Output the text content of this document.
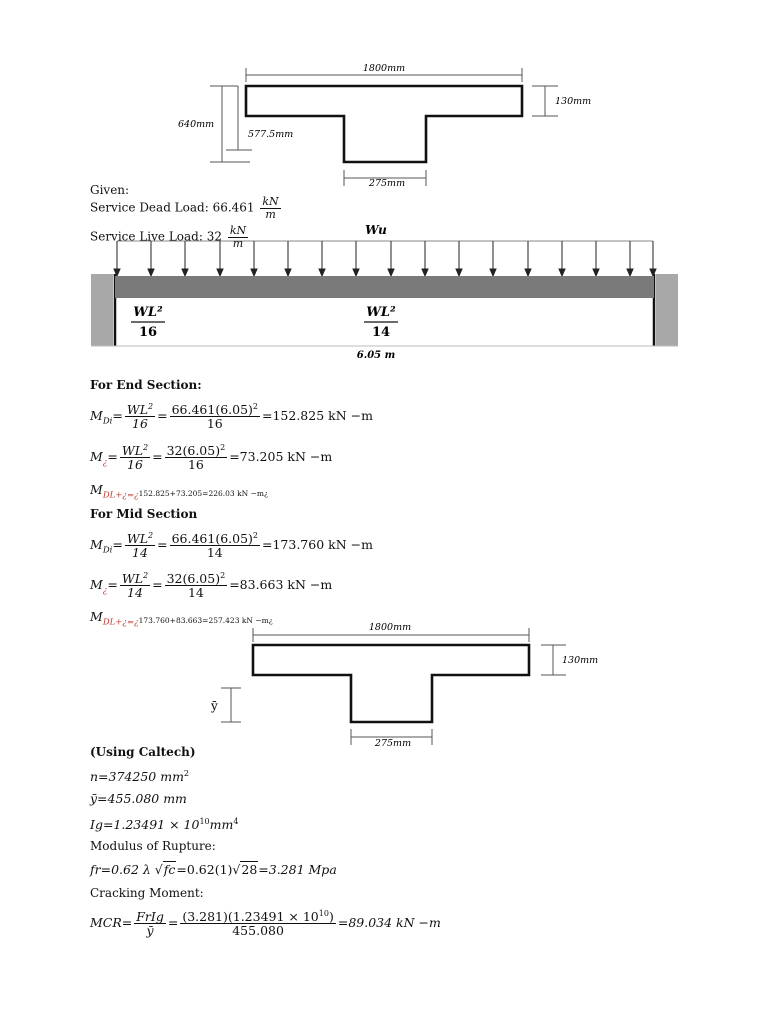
1800mm
130mm
640mm
577.5mm
275mm
Given:
Service Dead Load: $66.461 \frac{kN}{m}$
Wu
WL²
16
WL²
14
6.05 m
Service Live Load: $32 \frac{kN}{m}$
For End Section:
$M_{Di}= \frac{WL^2}{16} = \frac{66.461(6.05)^2}{16} =152.825$ kN −m
$M_¿= \frac{WL^2}{16} = \frac{32(6.05)^2}{16} =73.205$ kN −m
$M_{DL+¿=¿}152.825+73.205=226.03$ kN −m¿
For Mid Section
$M_{Di}= \frac{WL^2}{14} = \frac{66.461(6.05)^2}{14} =173.760$ kN −m
$M_¿= \frac{WL^2}{14} = \frac{32(6.05)^2}{14} =83.663$ kN −m
$M_{DL+¿=¿}173.760+83.663=257.423$ kN −m¿
1800mm
130mm
ȳ
275mm
(Using Caltech)
n=374250 $mm^2$
ȳ=455.080 mm
$Ig=1.23491 \times 10^{10}mm^4$
Modulus of Rupture:
fr=0.62 λ √fc=0.62(1)√28=3.281 Mpa
Cracking Moment:
$MCR= \frac{\text{FrIg}}{ȳ} = \frac{(3.281)(1.23491 \times 10^{10})}{455.080} =89.034$ kN −m
